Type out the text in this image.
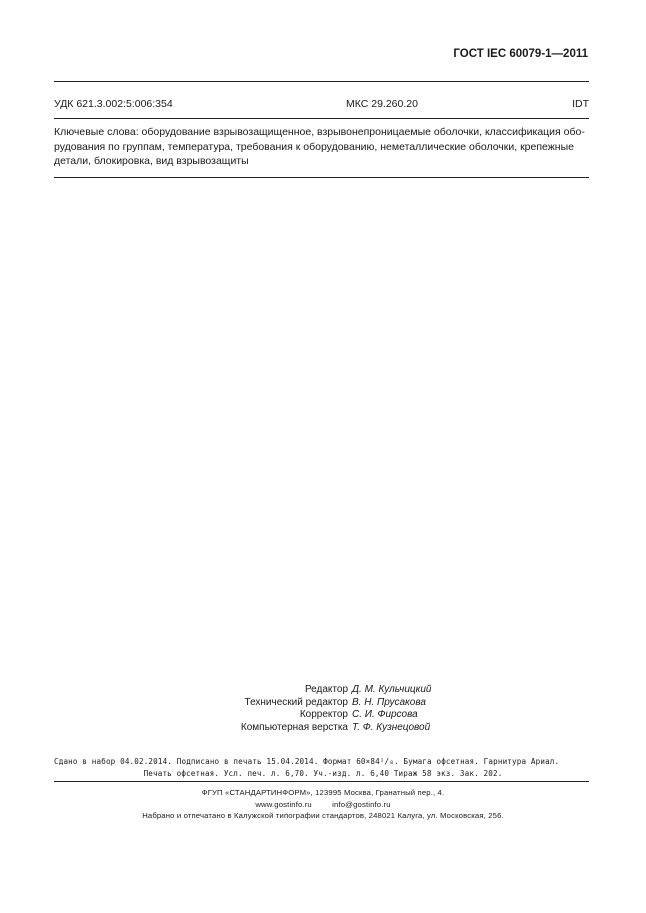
ГОСТ IEC 60079-1—2011
УДК 621.3.002:5:006:354	МКС 29.260.20	IDT
Ключевые слова: оборудование взрывозащищенное, взрывонепроницаемые оболочки, классификация обо-
рудования по группам, температура, требования к оборудованию, неметаллические оболочки, крепежные
детали, блокировка, вид взрывозащиты
Редактор Д. М. Кульчицкий
Технический редактор В. Н. Прусакова
Корректор С. И. Фирсова
Компьютерная верстка Т. Ф. Кузнецовой
Сдано в набор 04.02.2014. Подписано в печать 15.04.2014. Формат 60×84¹/₈. Бумага офсетная. Гарнитура Ариал.
Печать офсетная. Усл. печ. л. 6,70. Уч.-изд. л. 6,40 Тираж 58 экз. Зак. 202.
ФГУП «СТАНДАРТИНФОРМ», 123995 Москва, Гранатный пер., 4.
www.gostinfo.ru	info@gostinfo.ru
Набрано и отпечатано в Калужской типографии стандартов, 248021 Калуга, ул. Московская, 256.
